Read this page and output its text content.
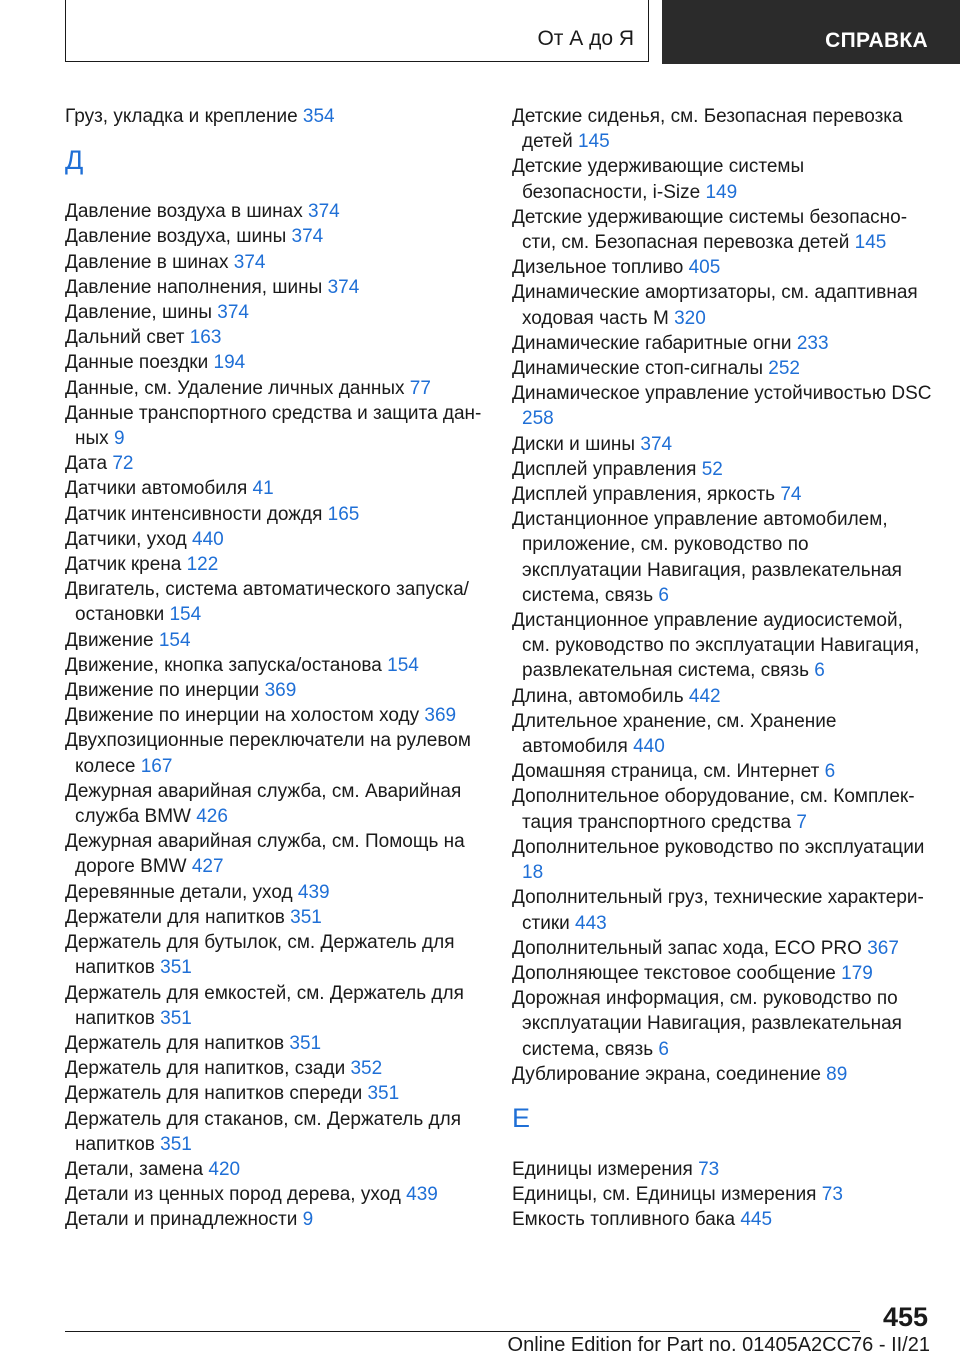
От А до Я	СПРАВКА
Груз, укладка и крепление 354
Д
Давление воздуха в шинах 374
Давление воздуха, шины 374
Давление в шинах 374
Давление наполнения, шины 374
Давление, шины 374
Дальний свет 163
Данные поездки 194
Данные, см. Удаление личных данных 77
Данные транспортного средства и защита дан-ных 9
Дата 72
Датчики автомобиля 41
Датчик интенсивности дождя 165
Датчики, уход 440
Датчик крена 122
Двигатель, система автоматического запуска/ остановки 154
Движение 154
Движение, кнопка запуска/останова 154
Движение по инерции 369
Движение по инерции на холостом ходу 369
Двухпозиционные переключатели на рулевом колесе 167
Дежурная аварийная служба, см. Аварийная служба BMW 426
Дежурная аварийная служба, см. Помощь на дороге BMW 427
Деревянные детали, уход 439
Держатели для напитков 351
Держатель для бутылок, см. Держатель для напитков 351
Держатель для емкостей, см. Держатель для напитков 351
Держатель для напитков 351
Держатель для напитков, сзади 352
Держатель для напитков спереди 351
Держатель для стаканов, см. Держатель для напитков 351
Детали, замена 420
Детали из ценных пород дерева, уход 439
Детали и принадлежности 9
Детские сиденья, см. Безопасная перевозка детей 145
Детские удерживающие системы безопасности, i-Size 149
Детские удерживающие системы безопасно-сти, см. Безопасная перевозка детей 145
Дизельное топливо 405
Динамические амортизаторы, см. адаптивная ходовая часть M 320
Динамические габаритные огни 233
Динамические стоп-сигналы 252
Динамическое управление устойчивостью DSC 258
Диски и шины 374
Дисплей управления 52
Дисплей управления, яркость 74
Дистанционное управление автомобилем, приложение, см. руководство по эксплуатации Навигация, развлекательная система, связь 6
Дистанционное управление аудиосистемой, см. руководство по эксплуатации Навигация, развлекательная система, связь 6
Длина, автомобиль 442
Длительное хранение, см. Хранение автомобиля 440
Домашняя страница, см. Интернет 6
Дополнительное оборудование, см. Комплек-тация транспортного средства 7
Дополнительное руководство по эксплуатации 18
Дополнительный груз, технические характери-стики 443
Дополнительный запас хода, ECO PRO 367
Дополняющее текстовое сообщение 179
Дорожная информация, см. руководство по эксплуатации Навигация, развлекательная система, связь 6
Дублирование экрана, соединение 89
Е
Единицы измерения 73
Единицы, см. Единицы измерения 73
Емкость топливного бака 445
455
Online Edition for Part no. 01405A2CC76 - II/21
